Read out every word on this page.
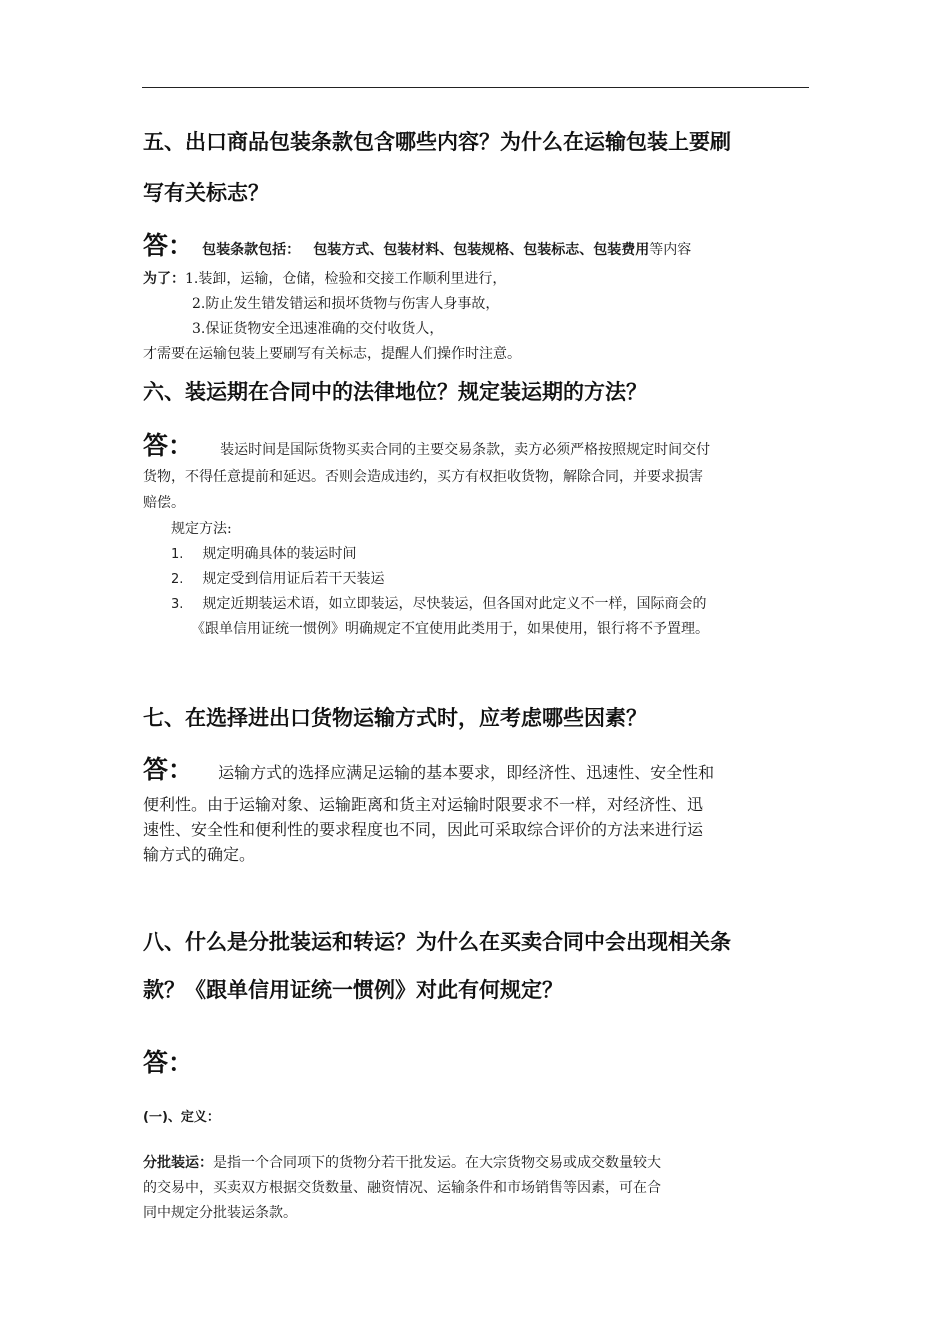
五、出口商品包装条款包含哪些内容？为什么在运输包装上要刷
写有关标志？
答： 包装条款包括： 包装方式、包装材料、包装规格、包装标志、包装费用等内容
为了：1.装卸，运输，仓储，检验和交接工作顺利里进行，
2.防止发生错发错运和损坏货物与伤害人身事故，
3.保证货物安全迅速准确的交付收货人，
才需要在运输包装上要刷写有关标志，提醒人们操作时注意。
六、装运期在合同中的法律地位？规定装运期的方法？
答： 装运时间是国际货物买卖合同的主要交易条款，卖方必须严格按照规定时间交付
货物，不得任意提前和延迟。否则会造成违约，买方有权拒收货物，解除合同，并要求损害
赔偿。
规定方法:
1. 规定明确具体的装运时间
2. 规定受到信用证后若干天装运
3. 规定近期装运术语，如立即装运，尽快装运，但各国对此定义不一样，国际商会的
《跟单信用证统一惯例》明确规定不宜使用此类用于，如果使用，银行将不予置理。
七、在选择进出口货物运输方式时，应考虑哪些因素？
答： 运输方式的选择应满足运输的基本要求，即经济性、迅速性、安全性和
便利性。由于运输对象、运输距离和货主对运输时限要求不一样，对经济性、迅
速性、安全性和便利性的要求程度也不同，因此可采取综合评价的方法来进行运
输方式的确定。
八、什么是分批装运和转运？为什么在买卖合同中会出现相关条
款？《跟单信用证统一惯例》对此有何规定？
答：
(一)、定义：
分批装运：是指一个合同项下的货物分若干批发运。在大宗货物交易或成交数量较大
的交易中，买卖双方根据交货数量、融资情况、运输条件和市场销售等因素，可在合
同中规定分批装运条款。
